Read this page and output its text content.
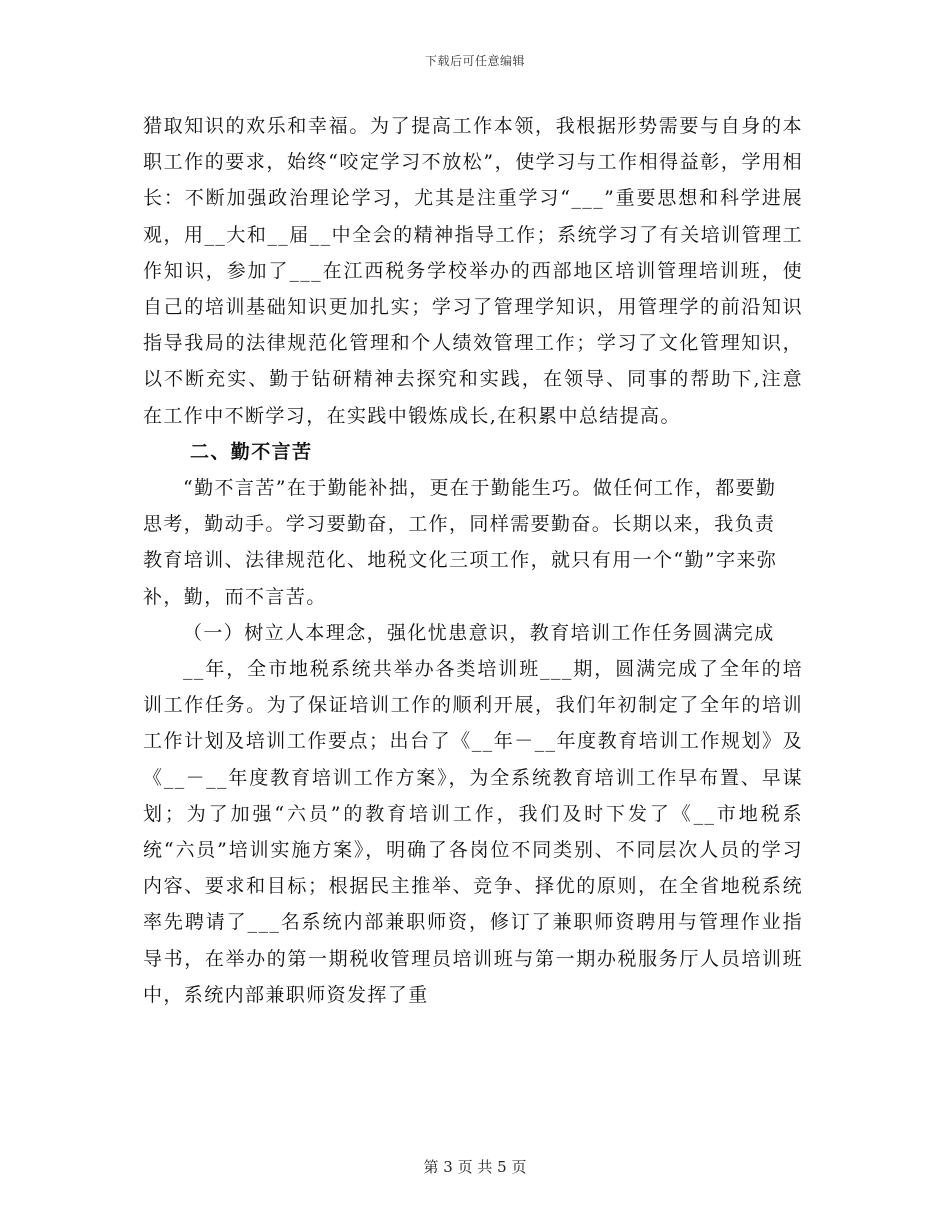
下载后可任意编辑

猎取知识的欢乐和幸福。为了提高工作本领，我根据形势需要与自身的本职工作的要求，始终“咬定学习不放松”，使学习与工作相得益彰，学用相长：不断加强政治理论学习，尤其是注重学习“___”重要思想和科学进展观，用__大和__届__中全会的精神指导工作；系统学习了有关培训管理工作知识，参加了___在江西税务学校举办的西部地区培训管理培训班，使自己的培训基础知识更加扎实；学习了管理学知识，用管理学的前沿知识指导我局的法律规范化管理和个人绩效管理工作；学习了文化管理知识，以不断充实、勤于钻研精神去探究和实践，在领导、同事的帮助下,注意在工作中不断学习，在实践中锻炼成长,在积累中总结提高。

二、勤不言苦

“勤不言苦”在于勤能补拙，更在于勤能生巧。做任何工作，都要勤思考，勤动手。学习要勤奋，工作，同样需要勤奋。长期以来，我负责教育培训、法律规范化、地税文化三项工作，就只有用一个“勤”字来弥补，勤，而不言苦。

（一）树立人本理念，强化忧患意识，教育培训工作任务圆满完成

__年，全市地税系统共举办各类培训班___期，圆满完成了全年的培训工作任务。为了保证培训工作的顺利开展，我们年初制定了全年的培训工作计划及培训工作要点；出台了《__年－__年度教育培训工作规划》及《__－__年度教育培训工作方案》，为全系统教育培训工作早布置、早谋划；为了加强“六员”的教育培训工作，我们及时下发了《__市地税系统“六员”培训实施方案》，明确了各岗位不同类别、不同层次人员的学习内容、要求和目标；根据民主推举、竞争、择优的原则，在全省地税系统率先聘请了___名系统内部兼职师资，修订了兼职师资聘用与管理作业指导书，在举办的第一期税收管理员培训班与第一期办税服务厅人员培训班中，系统内部兼职师资发挥了重

第 3 页 共 5 页
